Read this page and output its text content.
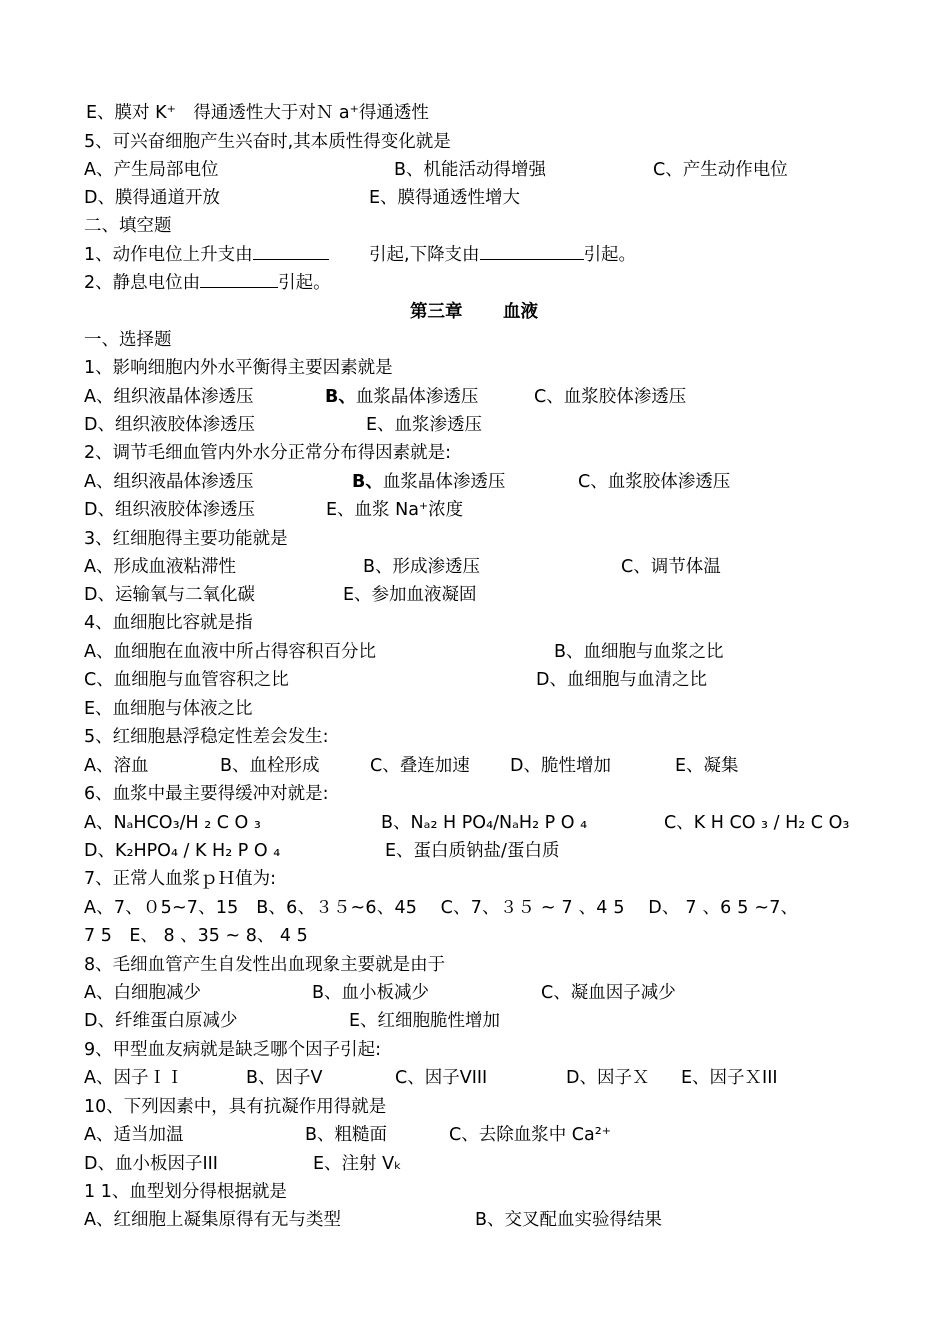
E、膜对 K⁺　得通透性大于对Ｎ a⁺得通透性
5、可兴奋细胞产生兴奋时,其本质性得变化就是
A、产生局部电位	B、机能活动得增强	C、产生动作电位
D、膜得通道开放	E、膜得通透性增大
二、填空题
1、动作电位上升支由	引起,下降支由	引起。
2、静息电位由	引起。
第三章 血液
一、选择题
1、影响细胞内外水平衡得主要因素就是
A、组织液晶体渗透压	B、血浆晶体渗透压	C、血浆胶体渗透压
D、组织液胶体渗透压	E、血浆渗透压
2、调节毛细血管内外水分正常分布得因素就是:
A、组织液晶体渗透压	B、血浆晶体渗透压	C、血浆胶体渗透压
D、组织液胶体渗透压	E、血浆 Na⁺浓度
3、红细胞得主要功能就是
A、形成血液粘滞性	B、形成渗透压	C、调节体温
D、运输氧与二氧化碳	E、参加血液凝固
4、血细胞比容就是指
A、血细胞在血液中所占得容积百分比	B、血细胞与血浆之比
C、血细胞与血管容积之比	D、血细胞与血清之比
E、血细胞与体液之比
5、红细胞悬浮稳定性差会发生:
A、溶血	B、血栓形成	C、叠连加速 D、脆性增加	E、凝集
6、血浆中最主要得缓冲对就是:
A、NₐHCO₃/H ₂ C O ₃	B、Nₐ₂ H PO₄/NₐH₂ P O ₄	C、K H CO ₃ / H₂ C O₃
D、K₂HPO₄ / K H₂ P O ₄	E、蛋白质钠盐/蛋白质
7、正常人血浆ｐＨ值为:
A、7、０5~7、15　B、6、３５~6、45　 C、7、３５ ~ 7 、4 5 　D、 7 、6 5 ~7、
7 5　E、 8 、35 ~ 8、 4 5
8、毛细血管产生自发性出血现象主要就是由于
A、白细胞减少	B、血小板减少	C、凝血因子减少
D、纤维蛋白原减少	E、红细胞脆性增加
9、甲型血友病就是缺乏哪个因子引起:
A、因子ＩＩ	B、因子V	C、因子VⅠII	D、因子Ｘ E、因子ＸⅠII
10、下列因素中，具有抗凝作用得就是
A、适当加温	B、粗糙面	C、去除血浆中 Ca²⁺
D、血小板因子ⅠII	E、注射 Vₖ
1 1、血型划分得根据就是
A、红细胞上凝集原得有无与类型	B、交叉配血实验得结果
